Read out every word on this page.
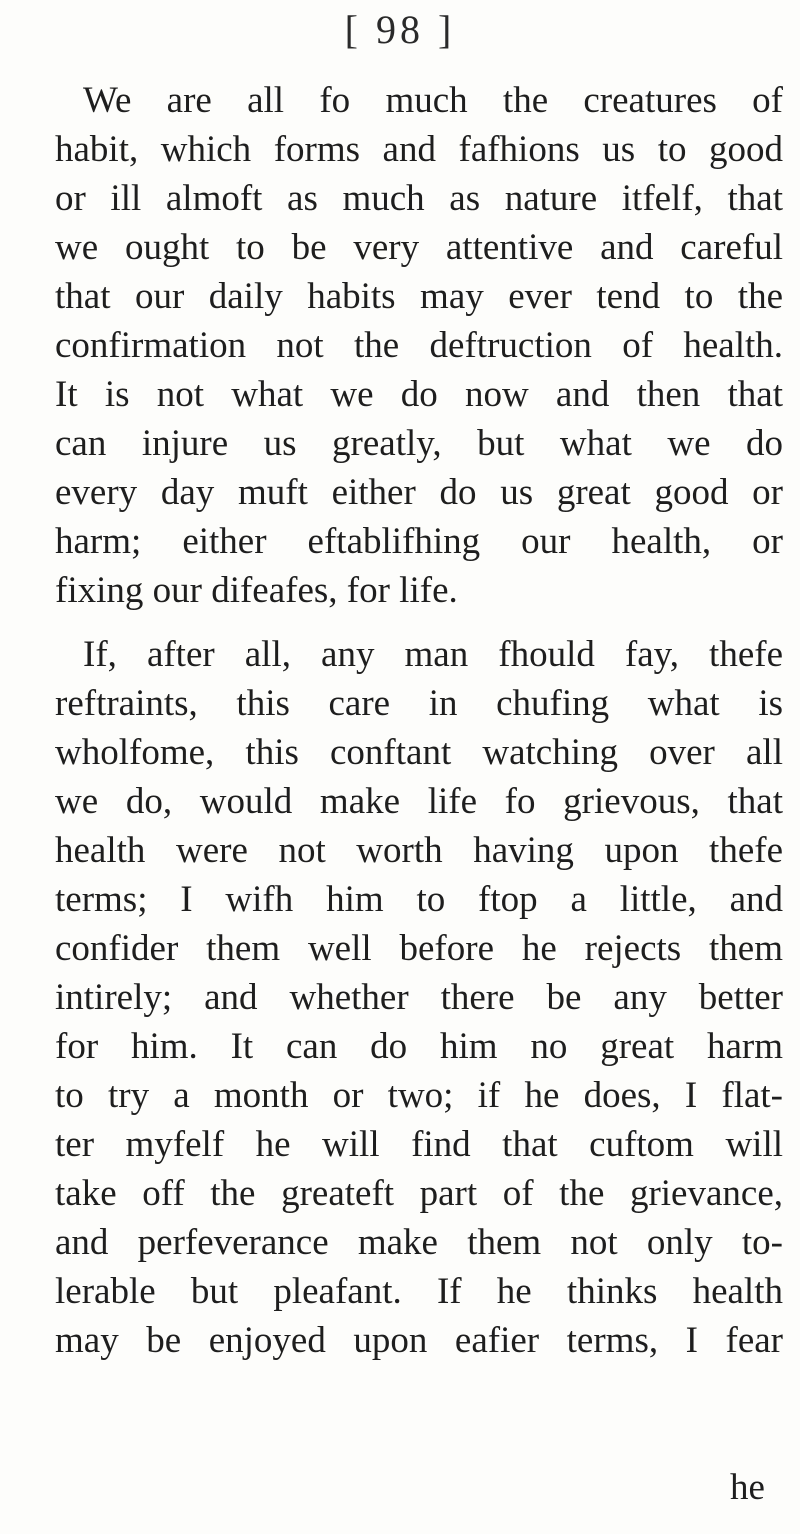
[ 98 ]
We are all fo much the creatures of
habit, which forms and fafhions us to good
or ill almoft as much as nature itfelf, that
we ought to be very attentive and careful
that our daily habits may ever tend to the
confirmation not the deftruction of health.
It is not what we do now and then that
can injure us greatly, but what we do
every day muft either do us great good or
harm; either eftablifhing our health, or
fixing our difeafes, for life.
If, after all, any man fhould fay, thefe
reftraints, this care in chufing what is
wholfome, this conftant watching over all
we do, would make life fo grievous, that
health were not worth having upon thefe
terms; I wifh him to ftop a little, and
confider them well before he rejects them
intirely; and whether there be any better
for him. It can do him no great harm
to try a month or two; if he does, I flat-
ter myfelf he will find that cuftom will
take off the greateft part of the grievance,
and perfeverance make them not only to-
lerable but pleafant. If he thinks health
may be enjoyed upon eafier terms, I fear
he
